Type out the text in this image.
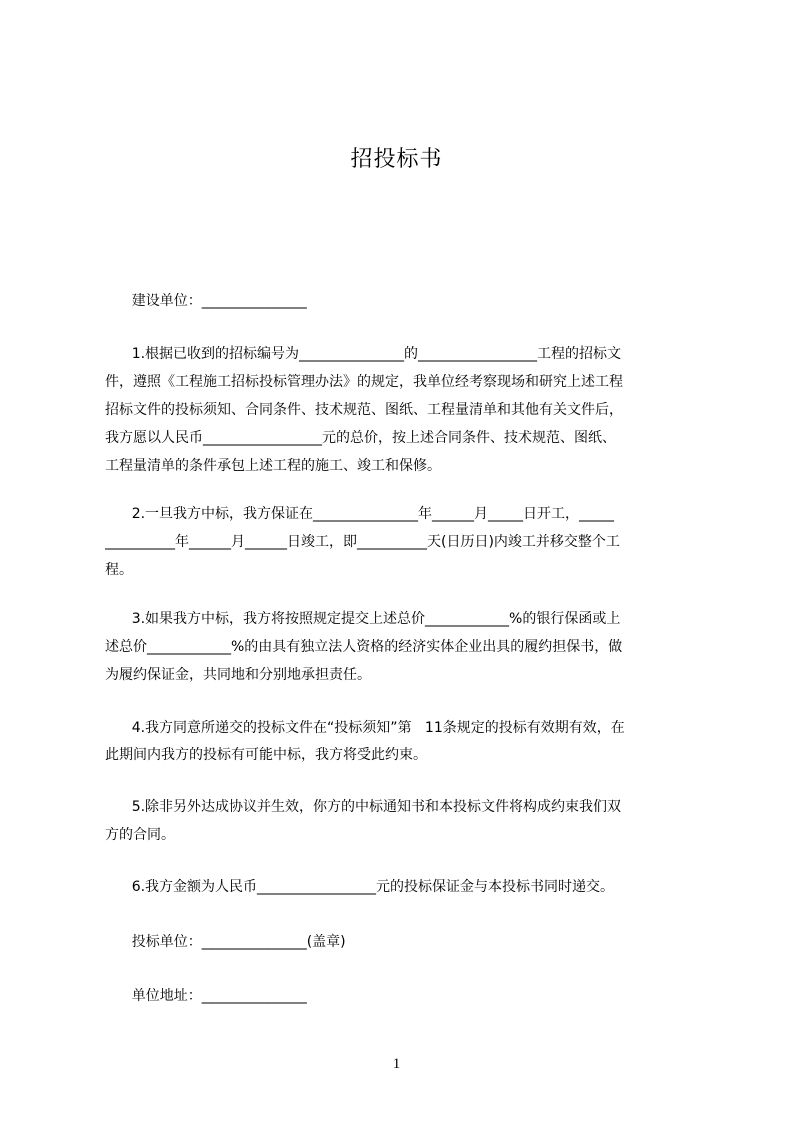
招投标书
建设单位：_______________
1.根据已收到的招标编号为_______________的_________________工程的招标文
件，遵照《工程施工招标投标管理办法》的规定，我单位经考察现场和研究上述工程
招标文件的投标须知、合同条件、技术规范、图纸、工程量清单和其他有关文件后，
我方愿以人民币_________________元的总价，按上述合同条件、技术规范、图纸、
工程量清单的条件承包上述工程的施工、竣工和保修。
2.一旦我方中标，我方保证在_______________年______月_____日开工，_____
__________年______月______日竣工，即__________天(日历日)内竣工并移交整个工
程。
3.如果我方中标，我方将按照规定提交上述总价____________%的银行保函或上
述总价____________%的由具有独立法人资格的经济实体企业出具的履约担保书，做
为履约保证金，共同地和分别地承担责任。
4.我方同意所递交的投标文件在“投标须知”第   11条规定的投标有效期有效，在
此期间内我方的投标有可能中标，我方将受此约束。
5.除非另外达成协议并生效，你方的中标通知书和本投标文件将构成约束我们双
方的合同。
6.我方金额为人民币_________________元的投标保证金与本投标书同时递交。
投标单位：_______________(盖章)
单位地址：_______________
1
